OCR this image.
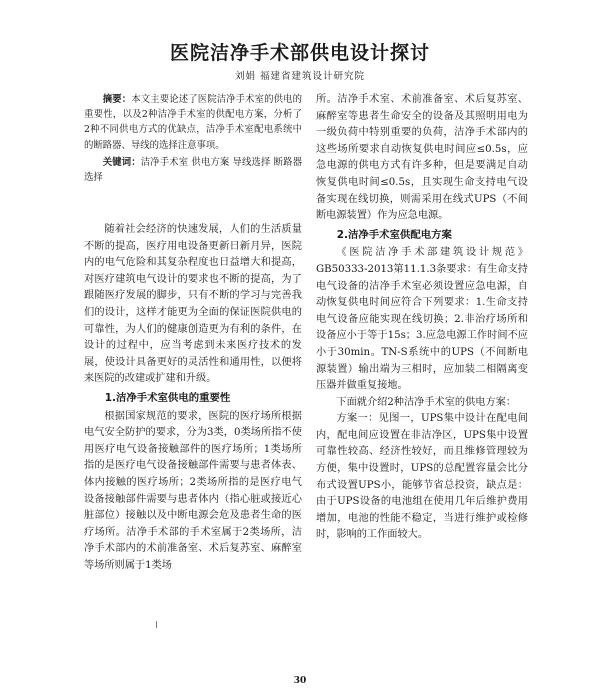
医院洁净手术部供电设计探讨
刘娟 福建省建筑设计研究院

摘要：本文主要论述了医院洁净手术室的供电的重要性，以及2种洁净手术室的供配电方案，分析了2种不同供电方式的优缺点，洁净手术室配电系统中的断路器、导线的选择注意事项。

关键词：洁净手术室 供电方案 导线选择 断路器选择

随着社会经济的快速发展，人们的生活质量不断的提高，医疗用电设备更新日新月异，医院内的电气危险和其复杂程度也日益增大和提高，对医疗建筑电气设计的要求也不断的提高，为了跟随医疗发展的脚步，只有不断的学习与完善我们的设计，这样才能更为全面的保证医院供电的可靠性，为人们的健康创造更为有利的条件，在设计的过程中，应当考虑到未来医疗技术的发展，使设计具备更好的灵活性和通用性，以便将来医院的改建或扩建和升级。

1.洁净手术室供电的重要性

根据国家规范的要求，医院的医疗场所根据电气安全防护的要求，分为3类，0类场所指不使用医疗电气设备接触部件的医疗场所；1类场所指的是医疗电气设备接触部件需要与患者体表、体内接触的医疗场所；2类场所指的是医疗电气设备接触部件需要与患者体内（指心脏或接近心脏部位）接触以及中断电源会危及患者生命的医疗场所。洁净手术部的手术室属于2类场所，洁净手术部内的术前准备室、术后复苏室、麻醉室等场所则属于1类场

所。洁净手术室、术前准备室、术后复苏室、麻醉室等患者生命安全的设备及其照明用电为一级负荷中特别重要的负荷，洁净手术部内的这些场所要求自动恢复供电时间应≤0.5s，应急电源的供电方式有许多种，但是要满足自动恢复供电时间≤0.5s，且实现生命支持电气设备实现在线切换，则需采用在线式UPS（不间断电源装置）作为应急电源。

2.洁净手术室供配电方案

《医院洁净手术部建筑设计规范》GB50333-2013第11.1.3条要求：有生命支持电气设备的洁净手术室必须设置应急电源，自动恢复供电时间应符合下列要求：1.生命支持电气设备应能实现在线切换；2.非治疗场所和设备应小于等于15s；3.应急电源工作时间不应小于30min。TN-S系统中的UPS（不间断电源装置）输出端为三相时，应加装二相隔离变压器并做重复接地。

下面就介绍2种洁净手术室的供电方案：

方案一：见图一，UPS集中设计在配电间内，配电间应设置在非洁净区，UPS集中设置可靠性较高、经济性较好，而且维修管理较为方便，集中设置时，UPS的总配置容量会比分布式设置UPS小，能够节省总投资，缺点是：由于UPS设备的电池组在使用几年后维护费用增加，电池的性能不稳定，当进行维护或检修时，影响的工作面较大。

30
